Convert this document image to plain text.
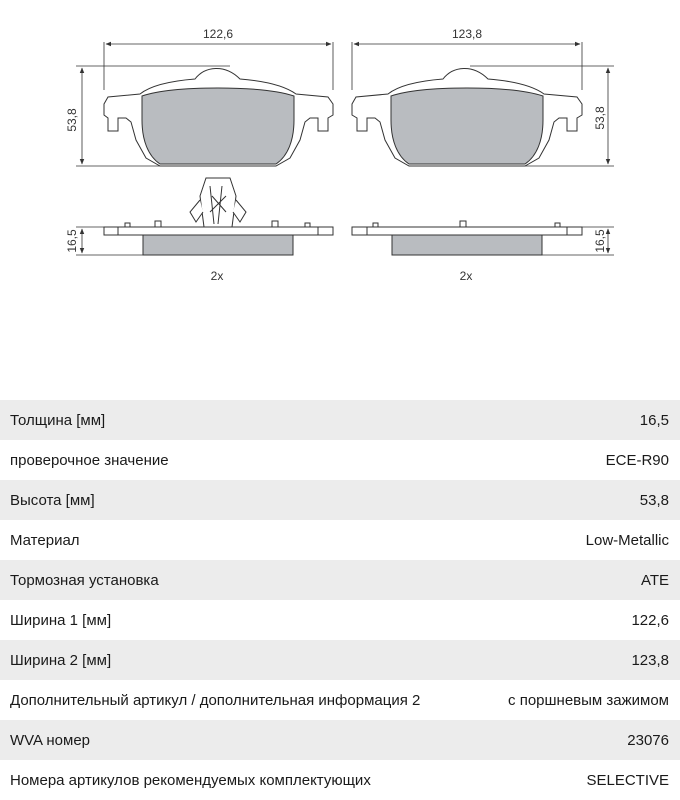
122,6
53,8
16,5
2x
123,8
53,8
16,5
2x
Толщина [мм]	16,5
проверочное значение	ECE-R90
Высота [мм]	53,8
Материал	Low-Metallic
Тормозная установка	ATE
Ширина 1 [мм]	122,6
Ширина 2 [мм]	123,8
Дополнительный артикул / дополнительная информация 2	с поршневым зажимом
WVA номер	23076
Номера артикулов рекомендуемых комплектующих	SELECTIVE
